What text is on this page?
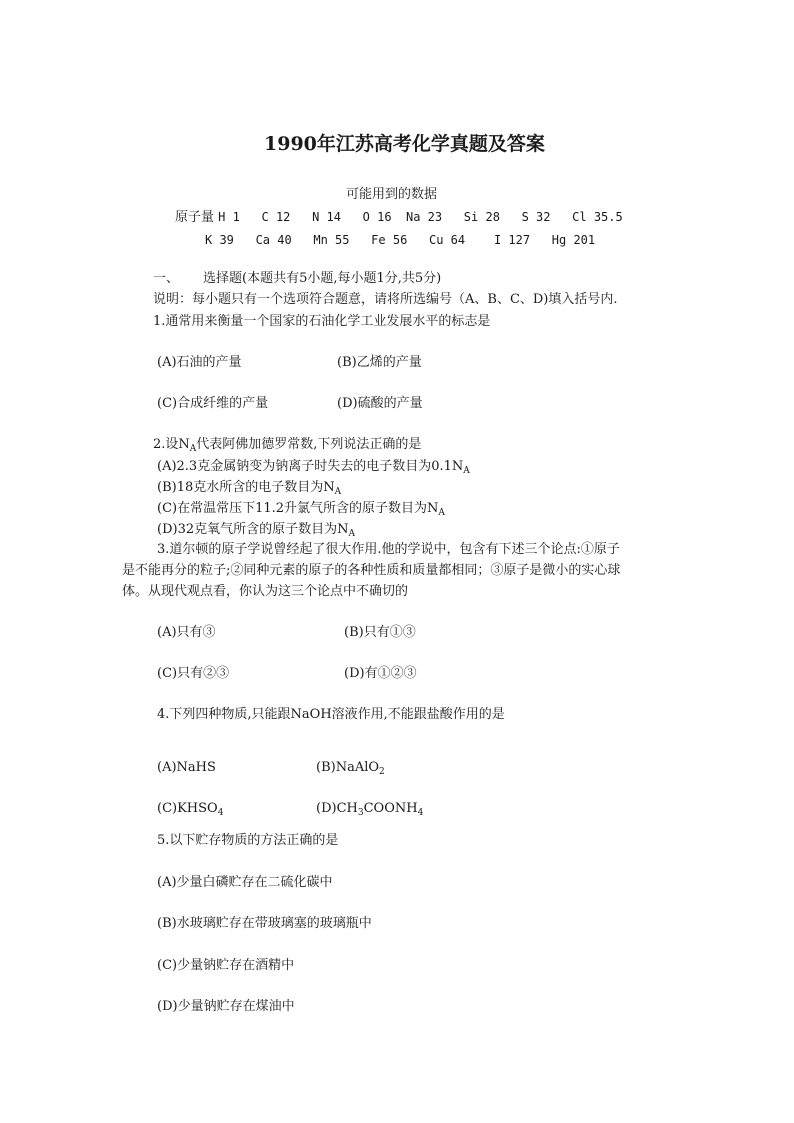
1990年江苏高考化学真题及答案
可能用到的数据
原子量 H 1   C 12   N 14   O 16  Na 23   Si 28   S 32   Cl 35.5
K 39   Ca 40   Mn 55   Fe 56   Cu 64    I 127   Hg 201
一、 选择题(本题共有5小题,每小题1分,共5分)
说明：每小题只有一个选项符合题意，请将所选编号（A、B、C、D)填入括号内.
1.通常用来衡量一个国家的石油化学工业发展水平的标志是
(A)石油的产量	(B)乙烯的产量
(C)合成纤维的产量	(D)硫酸的产量
2.设$N_A$代表阿佛加德罗常数,下列说法正确的是
(A)2.3克金属钠变为钠离子时失去的电子数目为$0.1N_A$
(B)18克水所含的电子数目为$N_A$
(C)在常温常压下11.2升氯气所含的原子数目为$N_A$
(D)32克氧气所含的原子数目为$N_A$
3.道尔顿的原子学说曾经起了很大作用.他的学说中，包含有下述三个论点:①原子
是不能再分的粒子;②同种元素的原子的各种性质和质量都相同；③原子是微小的实心球
体。从现代观点看，你认为这三个论点中不确切的
(A)只有③	(B)只有①③
(C)只有②③	(D)有①②③
4.下列四种物质,只能跟NaOH溶液作用,不能跟盐酸作用的是
(A)NaHS	(B)NaAlO$_2$
$(C)KHSO_4$	$(D)CH_3COONH_4$
5.以下贮存物质的方法正确的是
(A)少量白磷贮存在二硫化碳中
(B)水玻璃贮存在带玻璃塞的玻璃瓶中
(C)少量钠贮存在酒精中
(D)少量钠贮存在煤油中
